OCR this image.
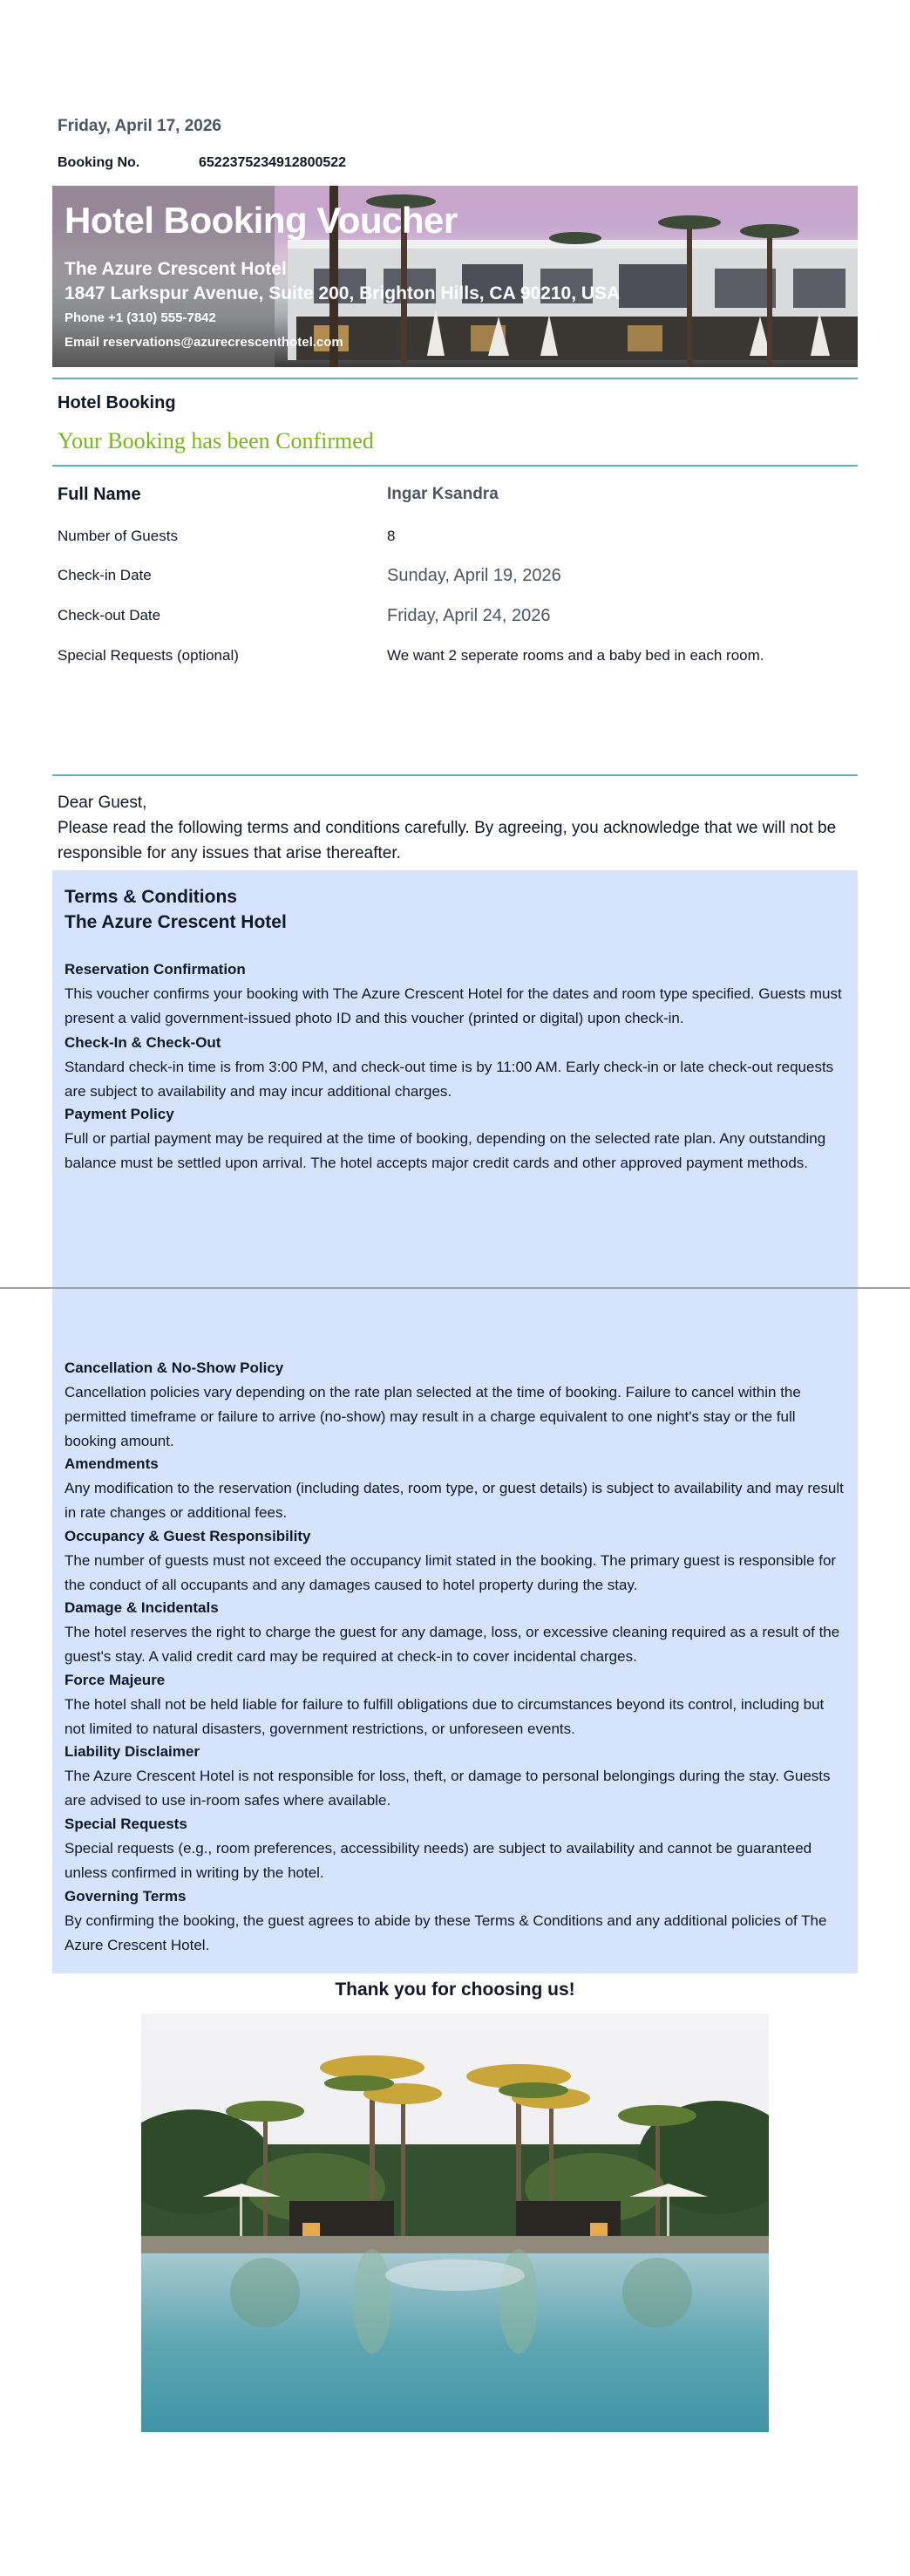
Friday, April 17, 2026
Booking No.	6522375234912800522
Hotel Booking Voucher
The Azure Crescent Hotel
1847 Larkspur Avenue, Suite 200, Brighton Hills, CA 90210, USA
Phone +1 (310) 555-7842
Email reservations@azurecrescenthotel.com
Hotel Booking
Your Booking has been Confirmed
Full Name	Ingar Ksandra
Number of Guests	8
Check-in Date	Sunday, April 19, 2026
Check-out Date	Friday, April 24, 2026
Special Requests (optional)	We want 2 seperate rooms and a baby bed in each room.
Dear Guest,
Please read the following terms and conditions carefully. By agreeing, you acknowledge that we will not be responsible for any issues that arise thereafter.
Terms & Conditions
The Azure Crescent Hotel
Reservation Confirmation

This voucher confirms your booking with The Azure Crescent Hotel for the dates and room type specified. Guests must present a valid government-issued photo ID and this voucher (printed or digital) upon check-in.

Check-In & Check-Out

Standard check-in time is from 3:00 PM, and check-out time is by 11:00 AM. Early check-in or late check-out requests are subject to availability and may incur additional charges.

Payment Policy

Full or partial payment may be required at the time of booking, depending on the selected rate plan. Any outstanding balance must be settled upon arrival. The hotel accepts major credit cards and other approved payment methods.

Cancellation & No-Show Policy

Cancellation policies vary depending on the rate plan selected at the time of booking. Failure to cancel within the permitted timeframe or failure to arrive (no-show) may result in a charge equivalent to one night's stay or the full booking amount.

Amendments

Any modification to the reservation (including dates, room type, or guest details) is subject to availability and may result in rate changes or additional fees.

Occupancy & Guest Responsibility

The number of guests must not exceed the occupancy limit stated in the booking. The primary guest is responsible for the conduct of all occupants and any damages caused to hotel property during the stay.

Damage & Incidentals

The hotel reserves the right to charge the guest for any damage, loss, or excessive cleaning required as a result of the guest's stay. A valid credit card may be required at check-in to cover incidental charges.

Force Majeure

The hotel shall not be held liable for failure to fulfill obligations due to circumstances beyond its control, including but not limited to natural disasters, government restrictions, or unforeseen events.

Liability Disclaimer

The Azure Crescent Hotel is not responsible for loss, theft, or damage to personal belongings during the stay. Guests are advised to use in-room safes where available.

Special Requests

Special requests (e.g., room preferences, accessibility needs) are subject to availability and cannot be guaranteed unless confirmed in writing by the hotel.

Governing Terms

By confirming the booking, the guest agrees to abide by these Terms & Conditions and any additional policies of The Azure Crescent Hotel.

Thank you for choosing us!
